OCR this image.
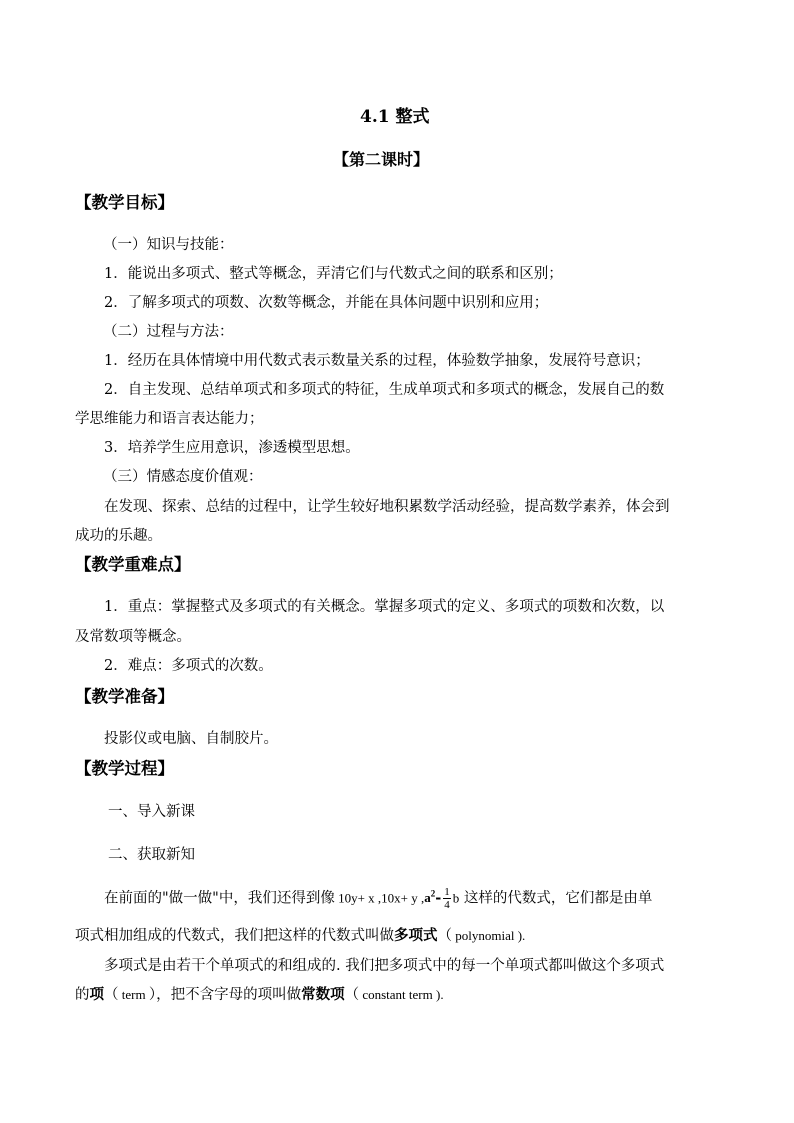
4.1 整式
【第二课时】
【教学目标】
（一）知识与技能：
1．能说出多项式、整式等概念，弄清它们与代数式之间的联系和区别；
2．了解多项式的项数、次数等概念，并能在具体问题中识别和应用；
（二）过程与方法：
1．经历在具体情境中用代数式表示数量关系的过程，体验数学抽象，发展符号意识；
2．自主发现、总结单项式和多项式的特征，生成单项式和多项式的概念，发展自己的数
学思维能力和语言表达能力；
3．培养学生应用意识，渗透模型思想。
（三）情感态度价值观：
在发现、探索、总结的过程中，让学生较好地积累数学活动经验，提高数学素养，体会到
成功的乐趣。
【教学重难点】
1．重点：掌握整式及多项式的有关概念。掌握多项式的定义、多项式的项数和次数，以
及常数项等概念。
2．难点：多项式的次数。
【教学准备】
投影仪或电脑、自制胶片。
【教学过程】
一、导入新课
二、获取新知
在前面的"做一做"中，我们还得到像 10y+ x ,10x+ y $,a^2- \frac{1}{4}$ b 这样的代数式，它们都是由单
项式相加组成的代数式，我们把这样的代数式叫做多项式（ polynomial ).
多项式是由若干个单项式的和组成的. 我们把多项式中的每一个单项式都叫做这个多项式
的项（ term ），把不含字母的项叫做常数项（ constant term ).
